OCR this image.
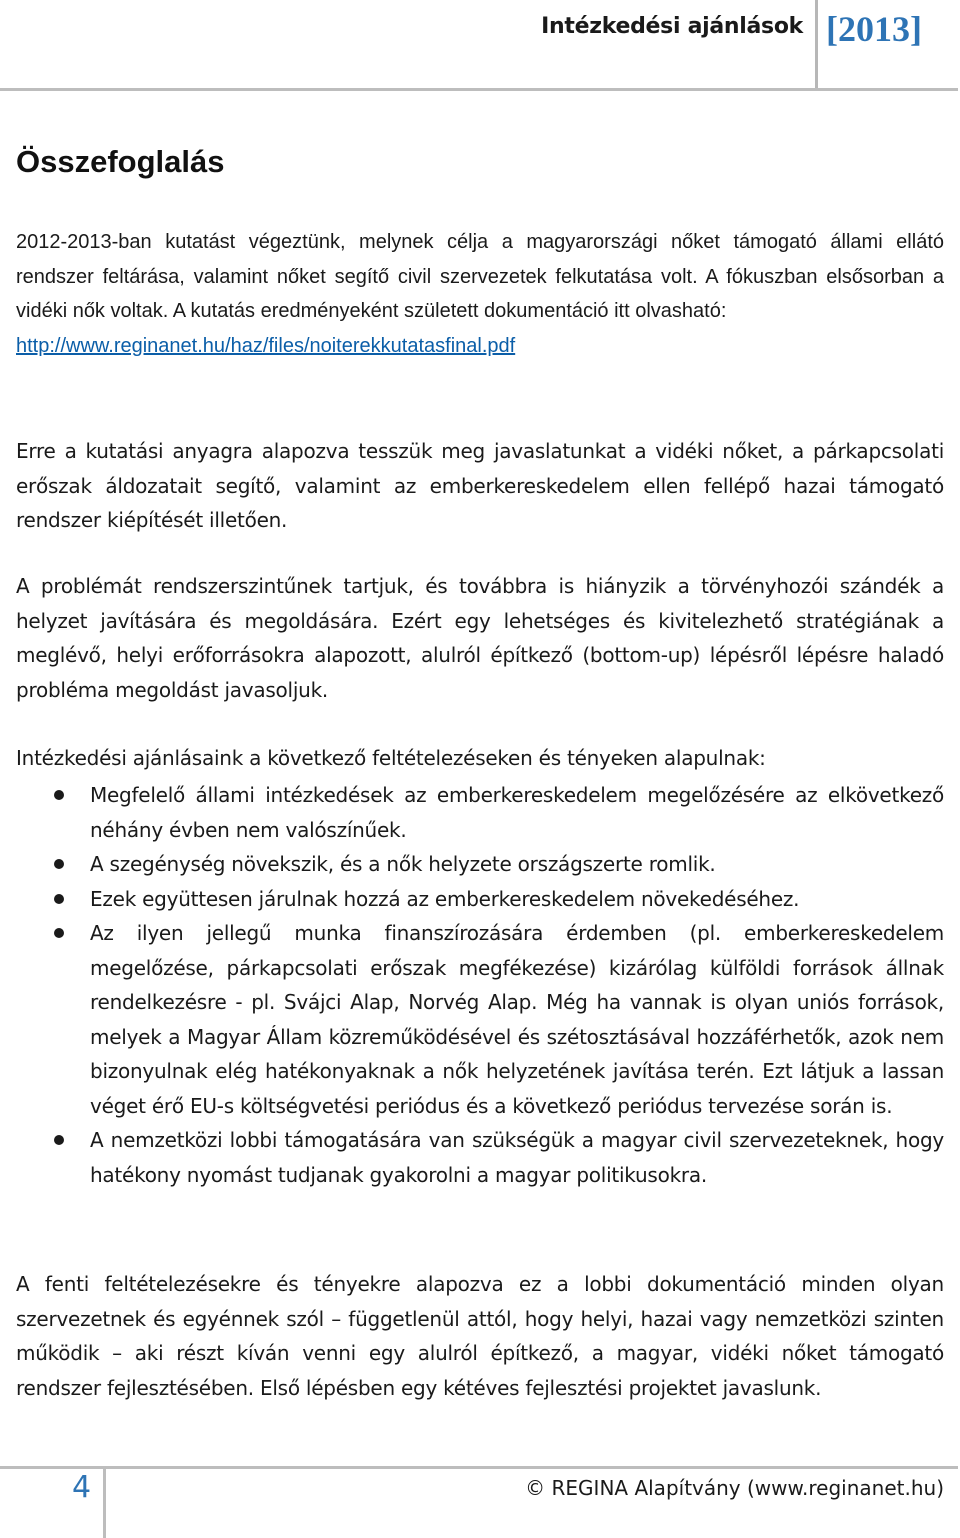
Intézkedési ajánlások [2013]
Összefoglalás

2012-2013-ban kutatást végeztünk, melynek célja a magyarországi nőket támogató állami ellátó rendszer feltárása, valamint nőket segítő civil szervezetek felkutatása volt. A fókuszban elsősorban a vidéki nők voltak. A kutatás eredményeként született dokumentáció itt olvasható:
http://www.reginanet.hu/haz/files/noiterekkutatasfinal.pdf

Erre a kutatási anyagra alapozva tesszük meg javaslatunkat a vidéki nőket, a párkapcsolati erőszak áldozatait segítő, valamint az emberkereskedelem ellen fellépő hazai támogató rendszer kiépítését illetően.

A problémát rendszerszintűnek tartjuk, és továbbra is hiányzik a törvényhozói szándék a helyzet javítására és megoldására. Ezért egy lehetséges és kivitelezhető stratégiának a meglévő, helyi erőforrásokra alapozott, alulról építkező (bottom-up) lépésről lépésre haladó probléma megoldást javasoljuk.

Intézkedési ajánlásaink a következő feltételezéseken és tényeken alapulnak:

Megfelelő állami intézkedések az emberkereskedelem megelőzésére az elkövetkező néhány évben nem valószínűek.
A szegénység növekszik, és a nők helyzete országszerte romlik.
Ezek együttesen járulnak hozzá az emberkereskedelem növekedéséhez.
Az ilyen jellegű munka finanszírozására érdemben (pl. emberkereskedelem megelőzése, párkapcsolati erőszak megfékezése) kizárólag külföldi források állnak rendelkezésre - pl. Svájci Alap, Norvég Alap. Még ha vannak is olyan uniós források, melyek a Magyar Állam közreműködésével és szétosztásával hozzáférhetők, azok nem bizonyulnak elég hatékonyaknak a nők helyzetének javítása terén. Ezt látjuk a lassan véget érő EU-s költségvetési periódus és a következő periódus tervezése során is.
A nemzetközi lobbi támogatására van szükségük a magyar civil szervezeteknek, hogy hatékony nyomást tudjanak gyakorolni a magyar politikusokra.

A fenti feltételezésekre és tényekre alapozva ez a lobbi dokumentáció minden olyan szervezetnek és egyénnek szól – függetlenül attól, hogy helyi, hazai vagy nemzetközi szinten működik – aki részt kíván venni egy alulról építkező, a magyar, vidéki nőket támogató rendszer fejlesztésében. Első lépésben egy kétéves fejlesztési projektet javaslunk.

4	© REGINA Alapítvány (www.reginanet.hu)
